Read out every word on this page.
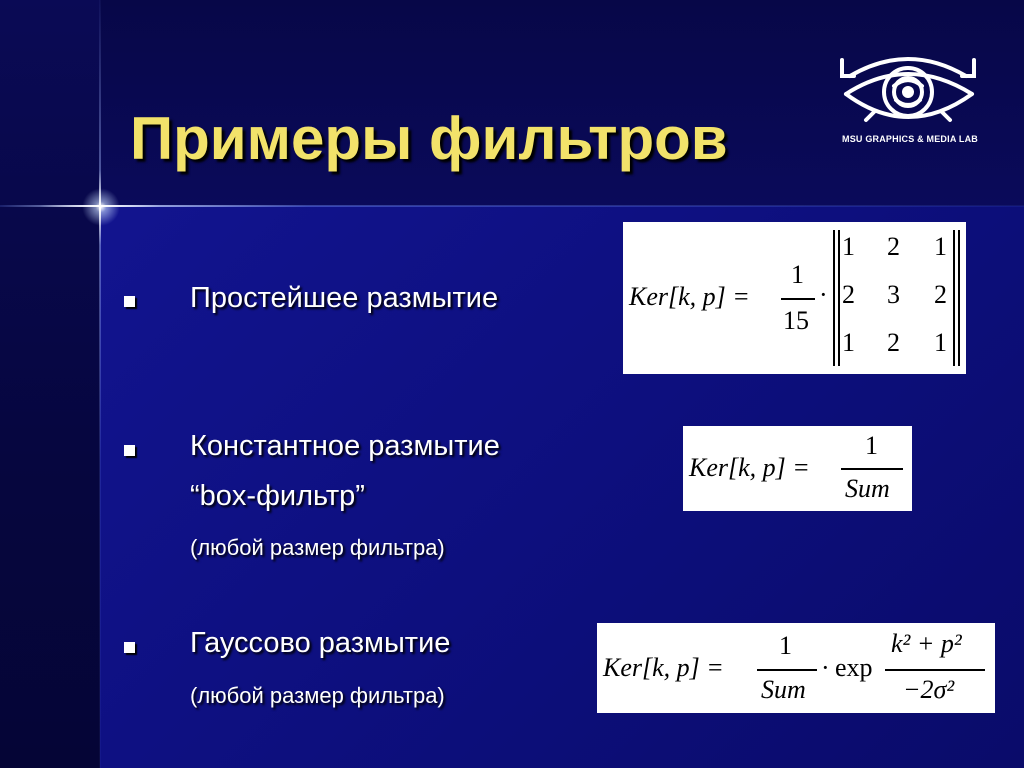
Примеры фильтров	MSU GRAPHICS & MEDIA LAB
Простейшее размытие
Константное размытие
“box-фильтр”
(любой размер фильтра)
Гауссово размытие
(любой размер фильтра)
Ker[k, p] =
1
15
·
1 2 1
2 3 2
1 2 1
Ker[k, p] =
1
Sum
Ker[k, p] =
1
Sum
· exp
k² + p²
−2σ²
